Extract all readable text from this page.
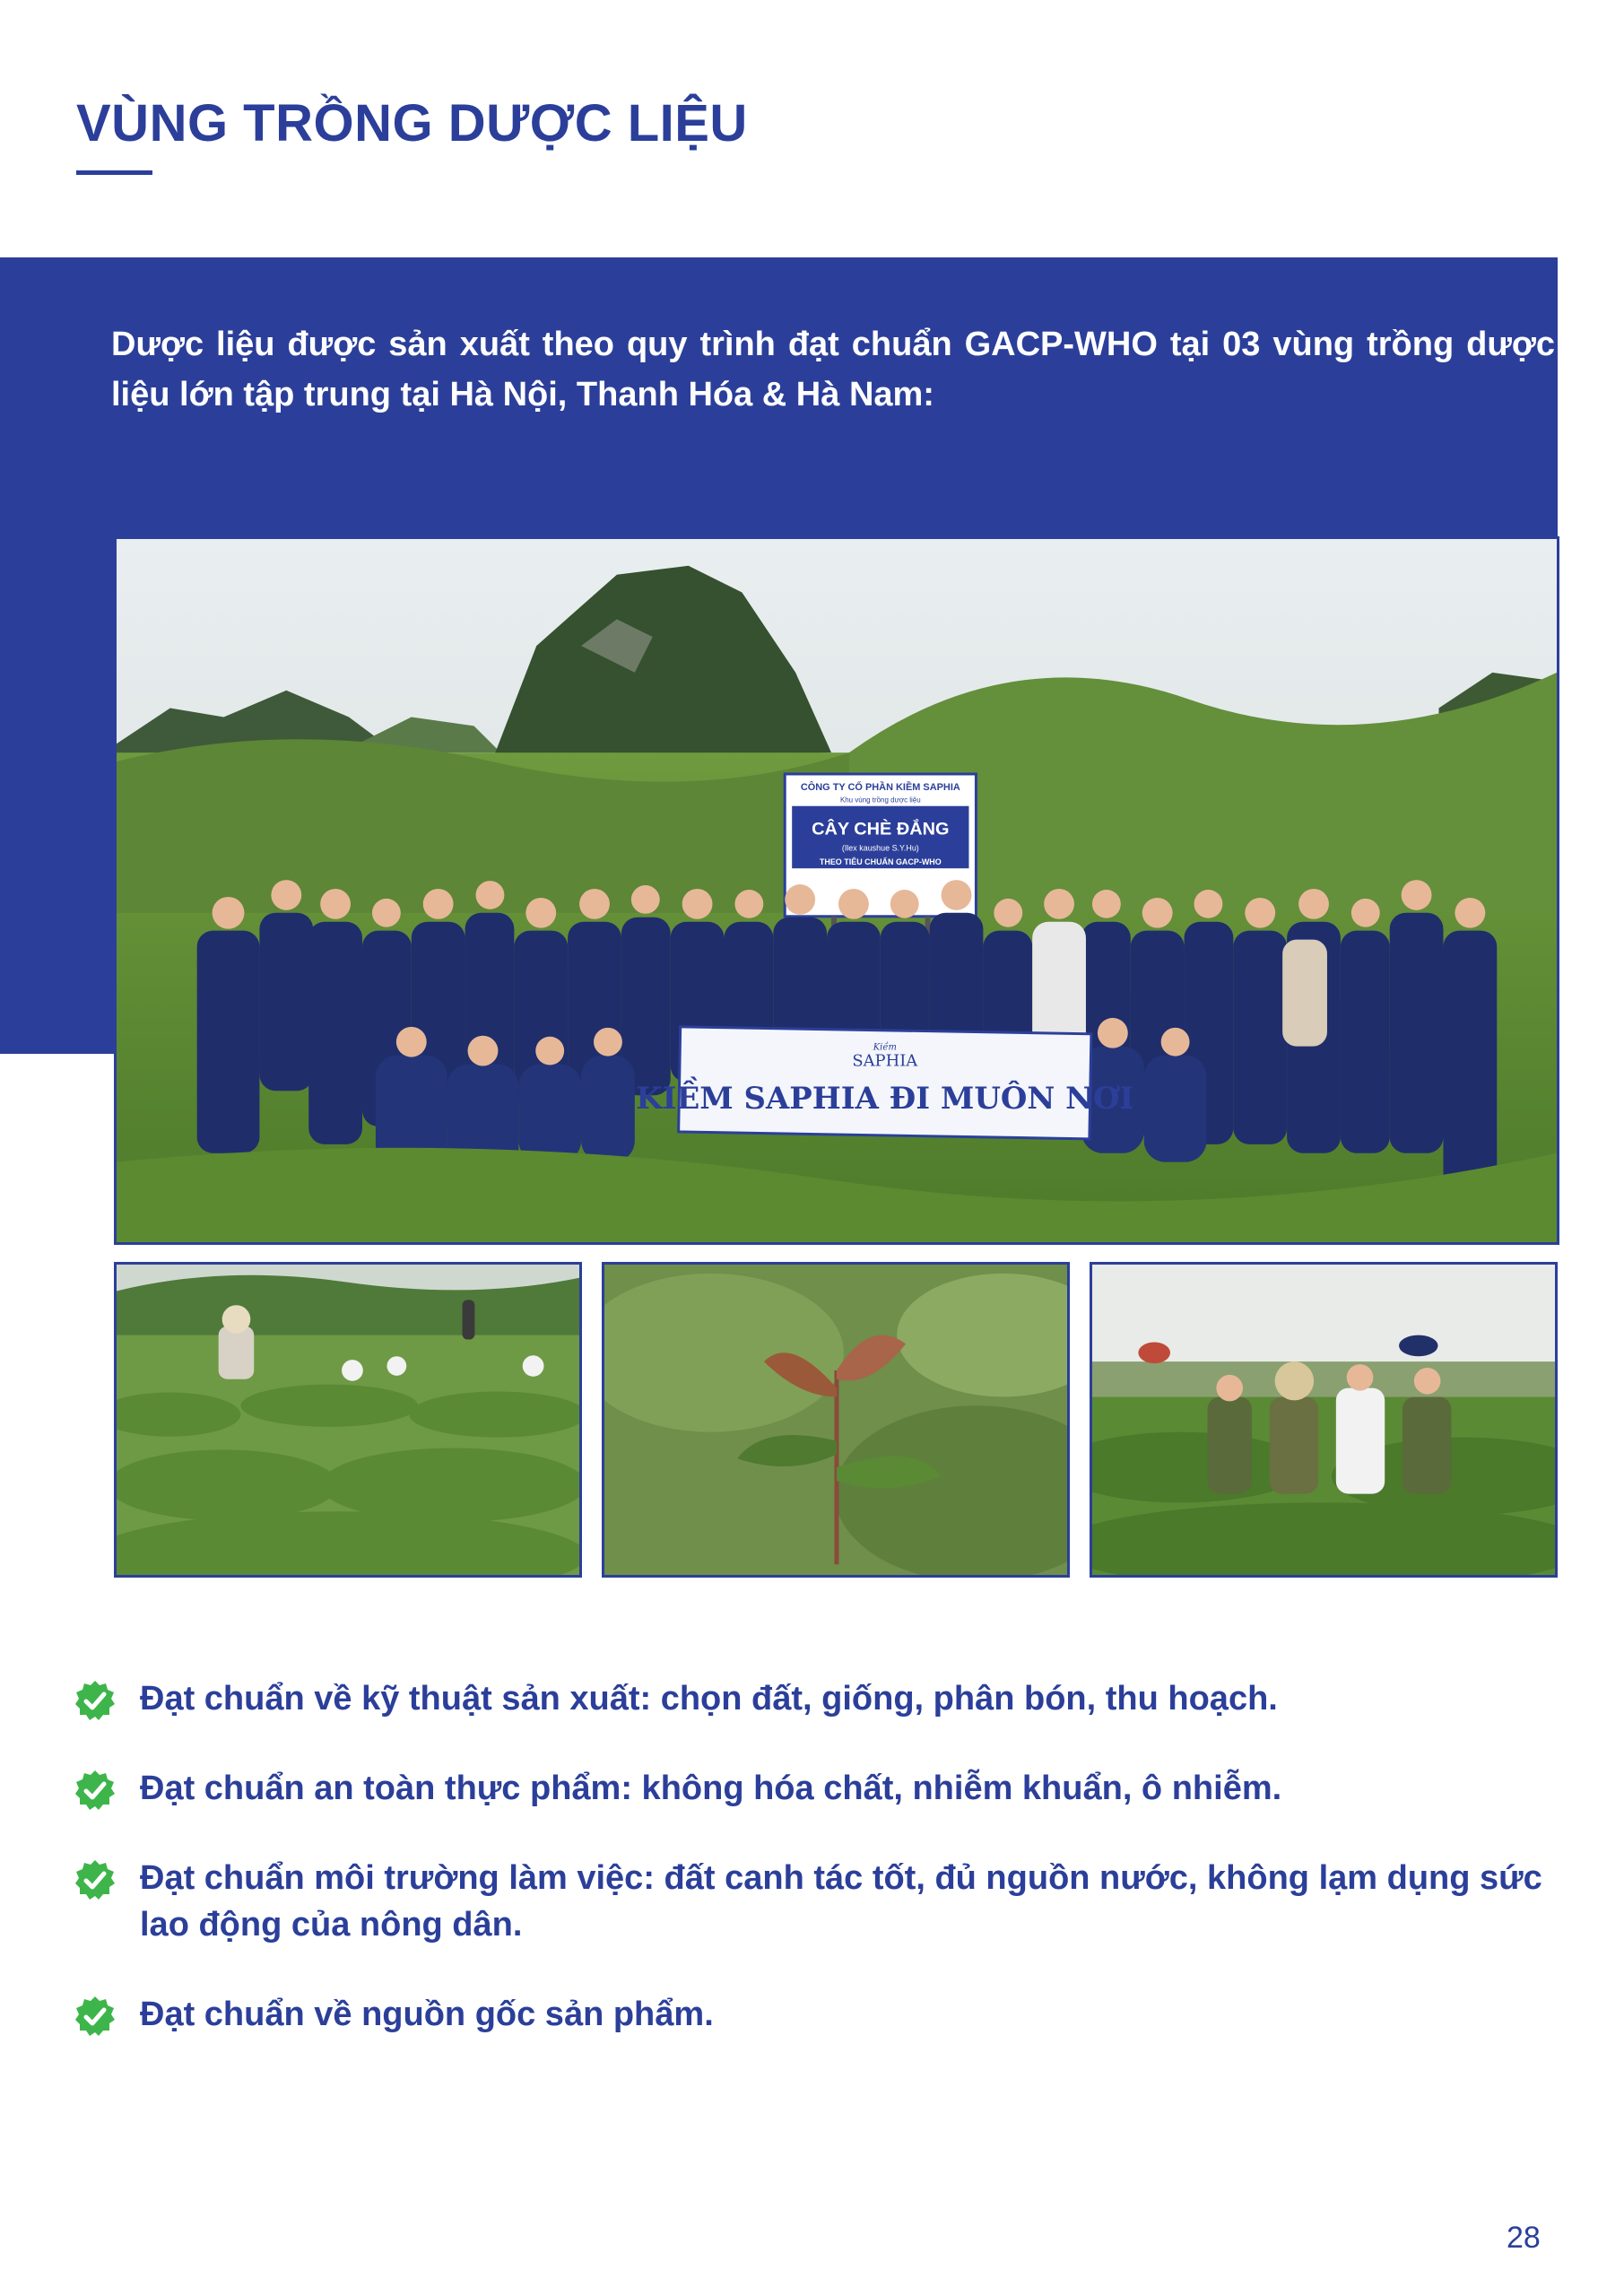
VÙNG TRỒNG DƯỢC LIỆU

Dược liệu được sản xuất theo quy trình đạt chuẩn GACP-WHO tại 03 vùng trồng dược liệu lớn tập trung tại Hà Nội, Thanh Hóa & Hà Nam:

CÔNG TY CỔ PHẦN KIỀM SAPHIA
Khu vùng trồng dược liệu
CÂY CHÈ ĐẮNG
(Ilex kaushue S.Y.Hu)
THEO TIÊU CHUẨN GACP-WHO
Kiềm
SAPHIA
KIỀM SAPHIA ĐI MUÔN NƠI
Đạt chuẩn về kỹ thuật sản xuất: chọn đất, giống, phân bón, thu hoạch.
Đạt chuẩn an toàn thực phẩm: không hóa chất, nhiễm khuẩn, ô nhiễm.
Đạt chuẩn môi trường làm việc: đất canh tác tốt, đủ nguồn nước, không lạm dụng sức lao động của nông dân.
Đạt chuẩn về nguồn gốc sản phẩm.
28
